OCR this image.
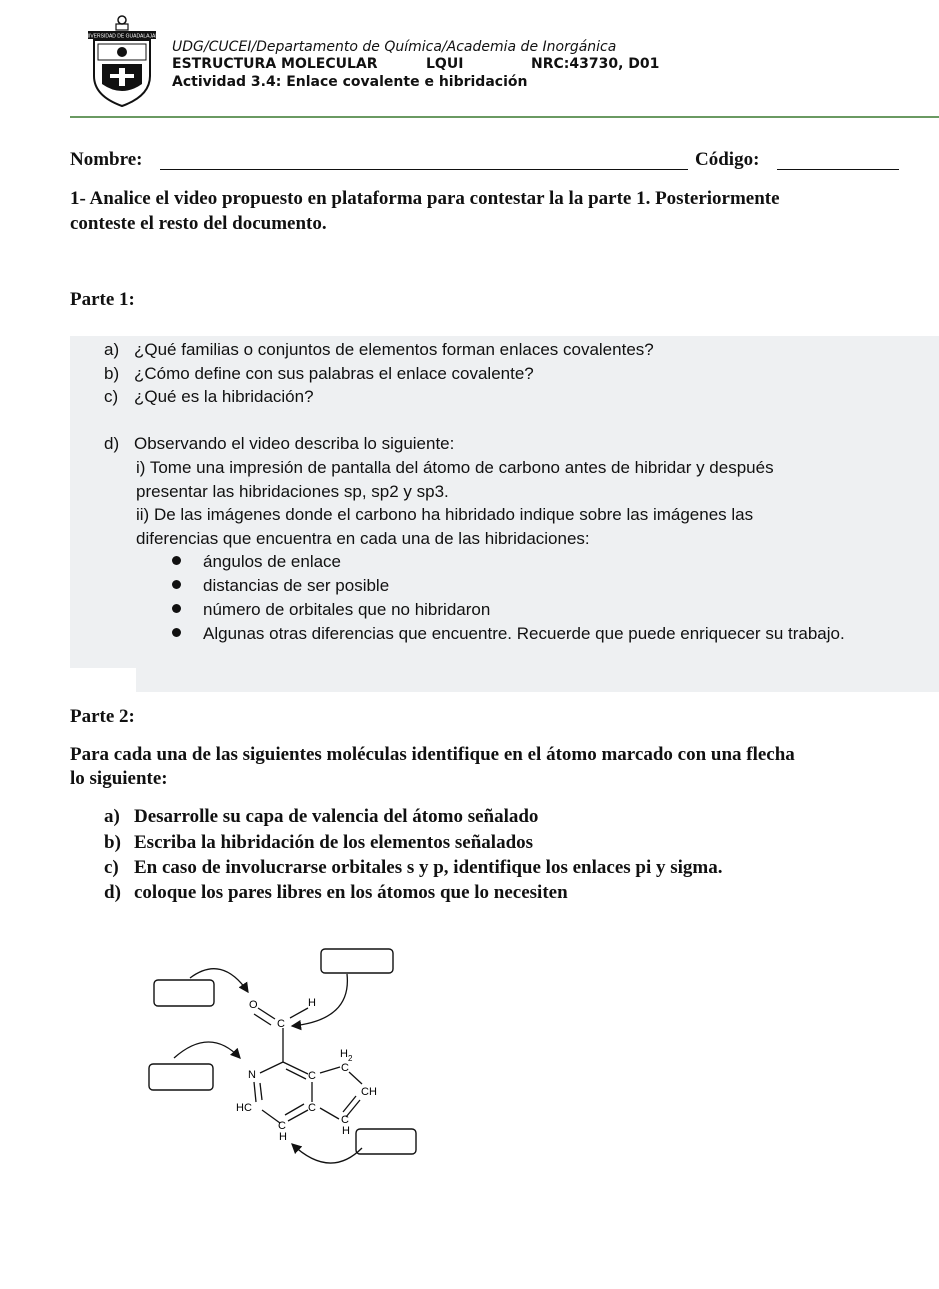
UNIVERSIDAD DE GUADALAJARA
UDG/CUCEI/Departamento de Química/Academia de Inorgánica
ESTRUCTURA MOLECULAR	LQUI	NRC:43730, D01
Actividad 3.4: Enlace covalente e hibridación
Nombre:	Código:
1- Analice el video propuesto en plataforma para contestar la la parte 1. Posteriormente
conteste el resto del documento.
Parte 1:
a) ¿Qué familias o conjuntos de elementos forman enlaces covalentes?
b) ¿Cómo define con sus palabras el enlace covalente?
c) ¿Qué es la hibridación?
d) Observando el video describa lo siguiente:
i) Tome una impresión de pantalla del átomo de carbono antes de hibridar y después
presentar las hibridaciones sp, sp2 y sp3.
ii) De las imágenes donde el carbono ha hibridado indique sobre las imágenes las
diferencias que encuentra en cada una de las hibridaciones:
ángulos de enlace
distancias de ser posible
número de orbitales que no hibridaron
Algunas otras diferencias que encuentre. Recuerde que puede enriquecer su trabajo.
Parte 2:
Para cada una de las siguientes moléculas identifique en el átomo marcado con una flecha
lo siguiente:
a) Desarrolle su capa de valencia del átomo señalado
b) Escriba la hibridación de los elementos señalados
c) En caso de involucrarse orbitales s y p, identifique los enlaces pi y sigma.
d) coloque los pares libres en los átomos que lo necesiten
O	H
C
N	C
H 2
C
CH
HC	C
C
H
C
H
